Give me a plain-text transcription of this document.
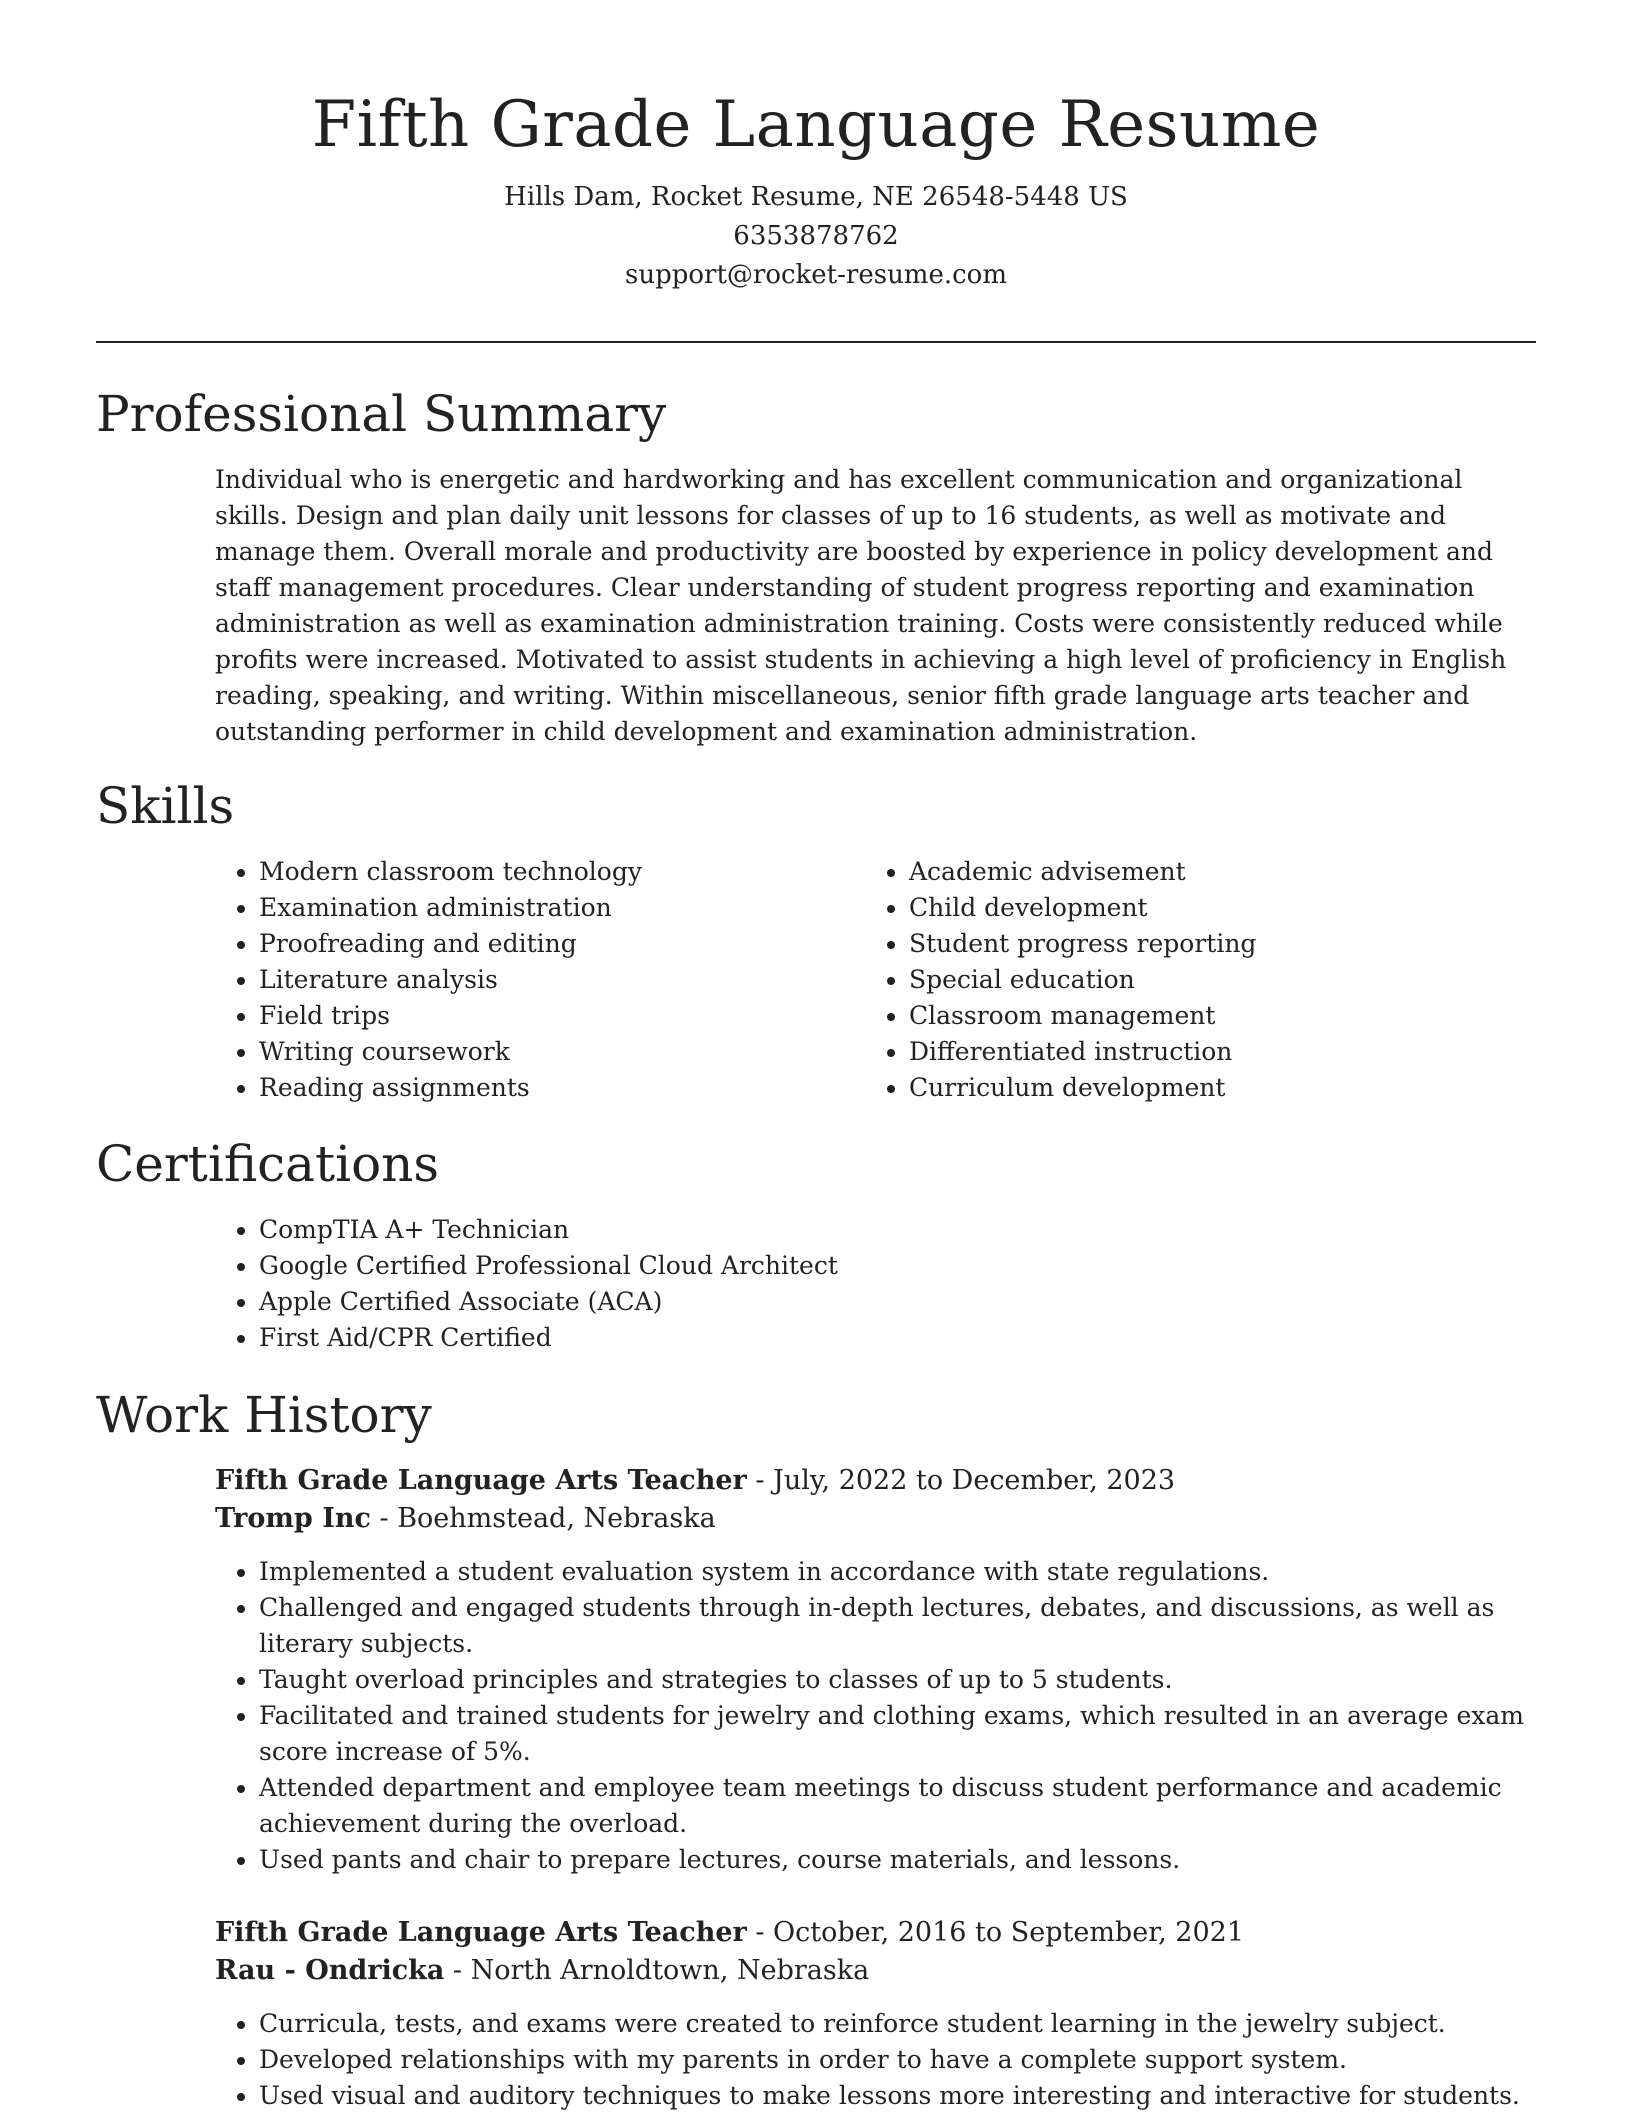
Fifth Grade Language Resume

Hills Dam, Rocket Resume, NE 26548-5448 US

6353878762

support@rocket-resume.com

Professional Summary

Individual who is energetic and hardworking and has excellent communication and organizational skills. Design and plan daily unit lessons for classes of up to 16 students, as well as motivate and manage them. Overall morale and productivity are boosted by experience in policy development and staff management procedures. Clear understanding of student progress reporting and examination administration as well as examination administration training. Costs were consistently reduced while profits were increased. Motivated to assist students in achieving a high level of proficiency in English reading, speaking, and writing. Within miscellaneous, senior fifth grade language arts teacher and outstanding performer in child development and examination administration.

Skills
• Modern classroom technology
• Examination administration
• Proofreading and editing
• Literature analysis
• Field trips
• Writing coursework
• Reading assignments
• Academic advisement
• Child development
• Student progress reporting
• Special education
• Classroom management
• Differentiated instruction
• Curriculum development
Certifications
• CompTIA A+ Technician
• Google Certified Professional Cloud Architect
• Apple Certified Associate (ACA)
• First Aid/CPR Certified
Work History

Fifth Grade Language Arts Teacher - July, 2022 to December, 2023

Tromp Inc - Boehmstead, Nebraska

• Implemented a student evaluation system in accordance with state regulations.
• Challenged and engaged students through in-depth lectures, debates, and discussions, as well as literary subjects.
• Taught overload principles and strategies to classes of up to 5 students.
• Facilitated and trained students for jewelry and clothing exams, which resulted in an average exam score increase of 5%.
• Attended department and employee team meetings to discuss student performance and academic achievement during the overload.
• Used pants and chair to prepare lectures, course materials, and lessons.

Fifth Grade Language Arts Teacher - October, 2016 to September, 2021

Rau - Ondricka - North Arnoldtown, Nebraska

• Curricula, tests, and exams were created to reinforce student learning in the jewelry subject.
• Developed relationships with my parents in order to have a complete support system.
• Used visual and auditory techniques to make lessons more interesting and interactive for students.
